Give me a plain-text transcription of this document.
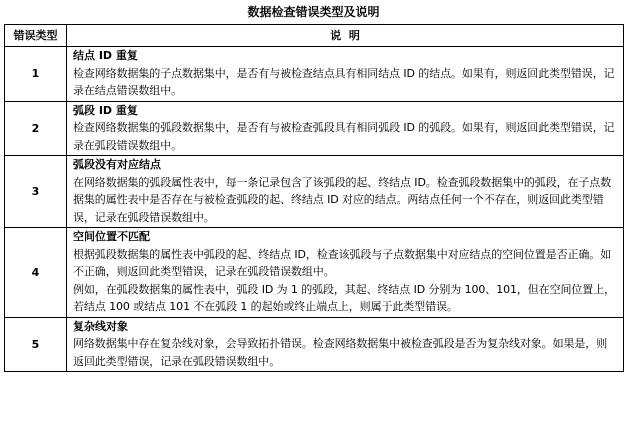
数据检查错误类型及说明
错误类型	说  明
1	结点 ID 重复
检查网络数据集的子点数据集中，是否有与被检查结点具有相同结点 ID 的结点。如果有，则返回此类型错误，记录在结点错误数组中。

2	弧段 ID 重复
检查网络数据集的弧段数据集中，是否有与被检查弧段具有相同弧段 ID 的弧段。如果有，则返回此类型错误，记录在弧段错误数组中。

3	弧段没有对应结点
在网络数据集的弧段属性表中，每一条记录包含了该弧段的起、终结点 ID。检查弧段数据集中的弧段，在子点数据集的属性表中是否存在与被检查弧段的起、终结点 ID 对应的结点。两结点任何一个不存在，则返回此类型错误，记录在弧段错误数组中。

4	空间位置不匹配
根据弧段数据集的属性表中弧段的起、终结点 ID，检查该弧段与子点数据集中对应结点的空间位置是否正确。如不正确，则返回此类型错误，记录在弧段错误数组中。
例如，在弧段数据集的属性表中，弧段 ID 为 1 的弧段，其起、终结点 ID 分别为 100、101，但在空间位置上，若结点 100 或结点 101 不在弧段 1 的起始或终止端点上，则属于此类型错误。

5	复杂线对象
网络数据集中存在复杂线对象，会导致拓扑错误。检查网络数据集中被检查弧段是否为复杂线对象。如果是，则返回此类型错误，记录在弧段错误数组中。
